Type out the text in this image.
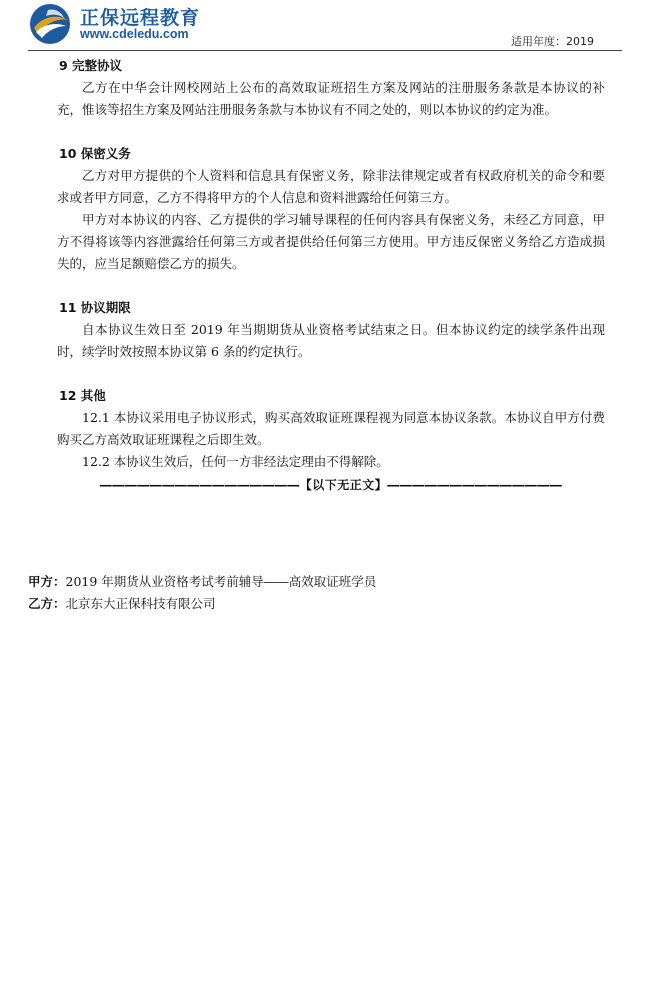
正保远程教育
www.cdeledu.com
适用年度：2019

9 完整协议

乙方在中华会计网校网站上公布的高效取证班招生方案及网站的注册服务条款是本协议的补充，惟该等招生方案及网站注册服务条款与本协议有不同之处的，则以本协议的约定为准。

10 保密义务

乙方对甲方提供的个人资料和信息具有保密义务，除非法律规定或者有权政府机关的命令和要求或者甲方同意，乙方不得将甲方的个人信息和资料泄露给任何第三方。

甲方对本协议的内容、乙方提供的学习辅导课程的任何内容具有保密义务，未经乙方同意，甲方不得将该等内容泄露给任何第三方或者提供给任何第三方使用。甲方违反保密义务给乙方造成损失的，应当足额赔偿乙方的损失。

11 协议期限

自本协议生效日至 2019 年当期期货从业资格考试结束之日。但本协议约定的续学条件出现时，续学时效按照本协议第 6 条的约定执行。

12 其他

12.1 本协议采用电子协议形式，购买高效取证班课程视为同意本协议条款。本协议自甲方付费购买乙方高效取证班课程之后即生效。

12.2 本协议生效后，任何一方非经法定理由不得解除。

――――――――――――――――【以下无正文】――――――――――――――
甲方：2019 年期货从业资格考试考前辅导――高效取证班学员
乙方：北京东大正保科技有限公司
